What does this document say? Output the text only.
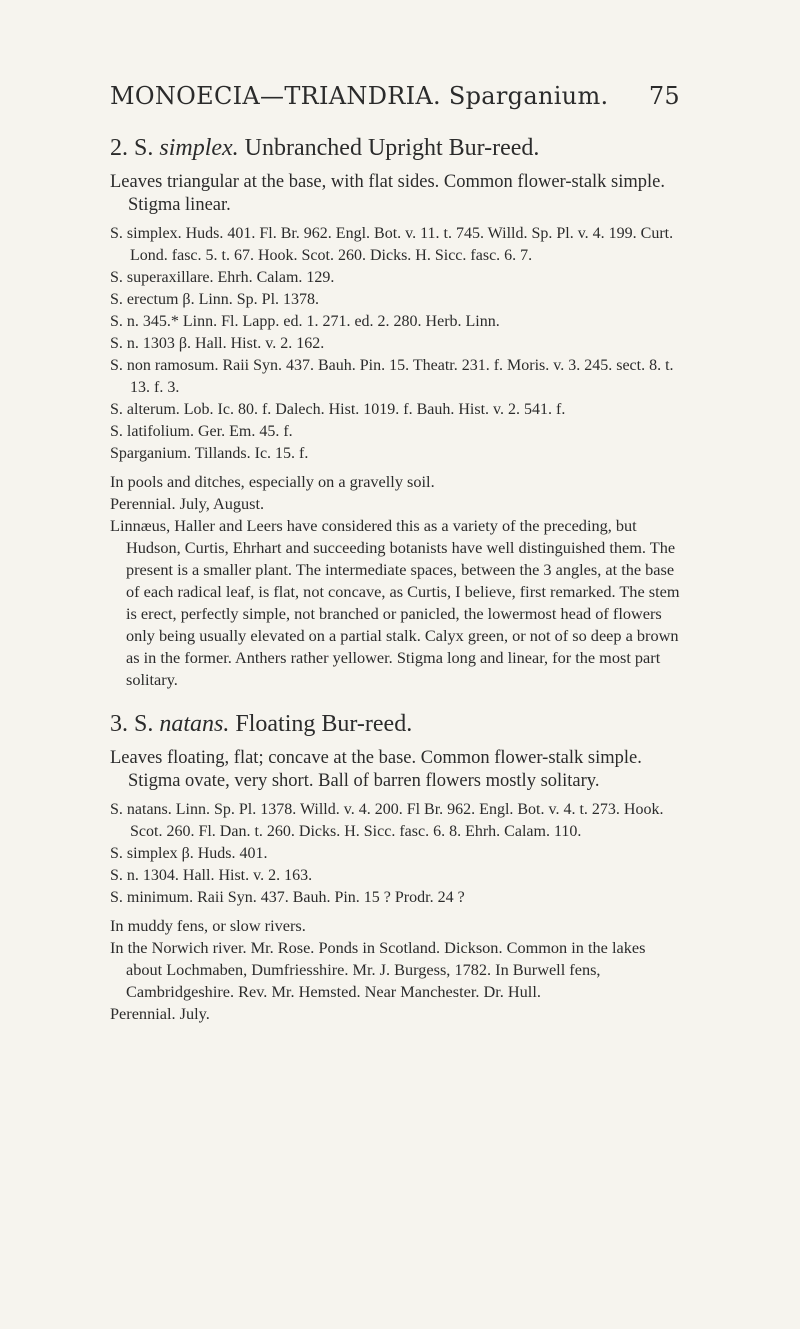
MONOECIA—TRIANDRIA. Sparganium. 75

2. S. simplex. Unbranched Upright Bur-reed.

Leaves triangular at the base, with flat sides. Common flower-stalk simple. Stigma linear.

S. simplex. Huds. 401. Fl. Br. 962. Engl. Bot. v. 11. t. 745. Willd. Sp. Pl. v. 4. 199. Curt. Lond. fasc. 5. t. 67. Hook. Scot. 260. Dicks. H. Sicc. fasc. 6. 7.

S. superaxillare. Ehrh. Calam. 129.

S. erectum β. Linn. Sp. Pl. 1378.

S. n. 345.* Linn. Fl. Lapp. ed. 1. 271. ed. 2. 280. Herb. Linn.

S. n. 1303 β. Hall. Hist. v. 2. 162.

S. non ramosum. Raii Syn. 437. Bauh. Pin. 15. Theatr. 231. f. Moris. v. 3. 245. sect. 8. t. 13. f. 3.

S. alterum. Lob. Ic. 80. f. Dalech. Hist. 1019. f. Bauh. Hist. v. 2. 541. f.

S. latifolium. Ger. Em. 45. f.

Sparganium. Tillands. Ic. 15. f.

In pools and ditches, especially on a gravelly soil.

Perennial. July, August.

Linnæus, Haller and Leers have considered this as a variety of the preceding, but Hudson, Curtis, Ehrhart and succeeding botanists have well distinguished them. The present is a smaller plant. The intermediate spaces, between the 3 angles, at the base of each radical leaf, is flat, not concave, as Curtis, I believe, first remarked. The stem is erect, perfectly simple, not branched or panicled, the lowermost head of flowers only being usually elevated on a partial stalk. Calyx green, or not of so deep a brown as in the former. Anthers rather yellower. Stigma long and linear, for the most part solitary.

3. S. natans. Floating Bur-reed.

Leaves floating, flat; concave at the base. Common flower-stalk simple. Stigma ovate, very short. Ball of barren flowers mostly solitary.

S. natans. Linn. Sp. Pl. 1378. Willd. v. 4. 200. Fl Br. 962. Engl. Bot. v. 4. t. 273. Hook. Scot. 260. Fl. Dan. t. 260. Dicks. H. Sicc. fasc. 6. 8. Ehrh. Calam. 110.

S. simplex β. Huds. 401.

S. n. 1304. Hall. Hist. v. 2. 163.

S. minimum. Raii Syn. 437. Bauh. Pin. 15 ? Prodr. 24 ?

In muddy fens, or slow rivers.

In the Norwich river. Mr. Rose. Ponds in Scotland. Dickson. Common in the lakes about Lochmaben, Dumfriesshire. Mr. J. Burgess, 1782. In Burwell fens, Cambridgeshire. Rev. Mr. Hemsted. Near Manchester. Dr. Hull.

Perennial. July.
